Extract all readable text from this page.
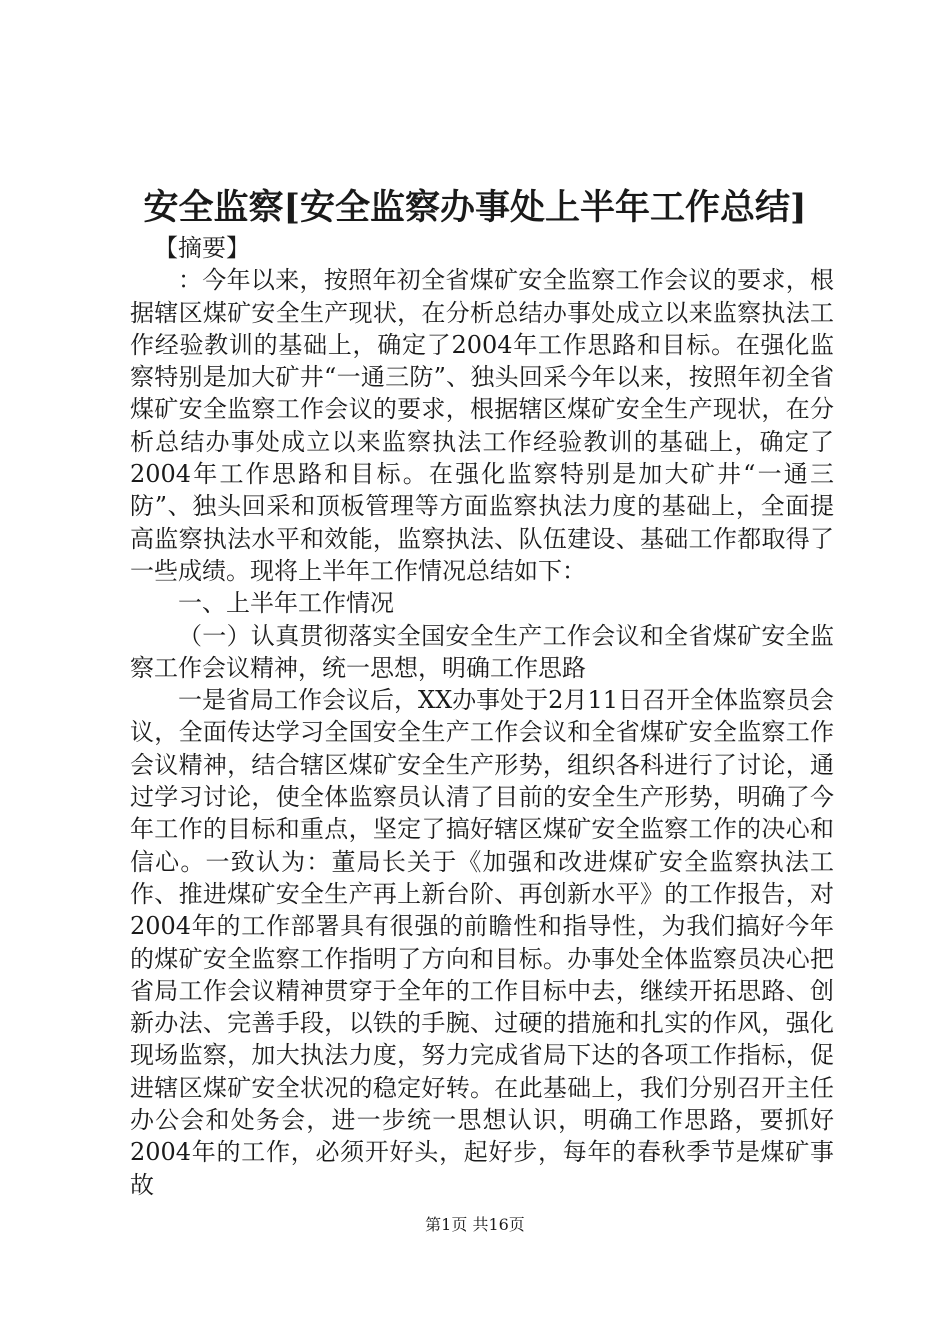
安全监察[安全监察办事处上半年工作总结]

【摘要】

：今年以来，按照年初全省煤矿安全监察工作会议的要求，根据辖区煤矿安全生产现状，在分析总结办事处成立以来监察执法工作经验教训的基础上，确定了2004年工作思路和目标。在强化监察特别是加大矿井“一通三防”、独头回采今年以来，按照年初全省煤矿安全监察工作会议的要求，根据辖区煤矿安全生产现状，在分析总结办事处成立以来监察执法工作经验教训的基础上，确定了2004年工作思路和目标。在强化监察特别是加大矿井“一通三防”、独头回采和顶板管理等方面监察执法力度的基础上，全面提高监察执法水平和效能，监察执法、队伍建设、基础工作都取得了一些成绩。现将上半年工作情况总结如下：

一、上半年工作情况

（一）认真贯彻落实全国安全生产工作会议和全省煤矿安全监察工作会议精神，统一思想，明确工作思路

一是省局工作会议后，XX办事处于2月11日召开全体监察员会议，全面传达学习全国安全生产工作会议和全省煤矿安全监察工作会议精神，结合辖区煤矿安全生产形势，组织各科进行了讨论，通过学习讨论，使全体监察员认清了目前的安全生产形势，明确了今年工作的目标和重点，坚定了搞好辖区煤矿安全监察工作的决心和信心。一致认为：董局长关于《加强和改进煤矿安全监察执法工作、推进煤矿安全生产再上新台阶、再创新水平》的工作报告，对2004年的工作部署具有很强的前瞻性和指导性，为我们搞好今年的煤矿安全监察工作指明了方向和目标。办事处全体监察员决心把省局工作会议精神贯穿于全年的工作目标中去，继续开拓思路、创新办法、完善手段，以铁的手腕、过硬的措施和扎实的作风，强化现场监察，加大执法力度，努力完成省局下达的各项工作指标，促进辖区煤矿安全状况的稳定好转。在此基础上，我们分别召开主任办公会和处务会，进一步统一思想认识，明确工作思路，要抓好2004年的工作，必须开好头，起好步，每年的春秋季节是煤矿事故

第1页 共16页
